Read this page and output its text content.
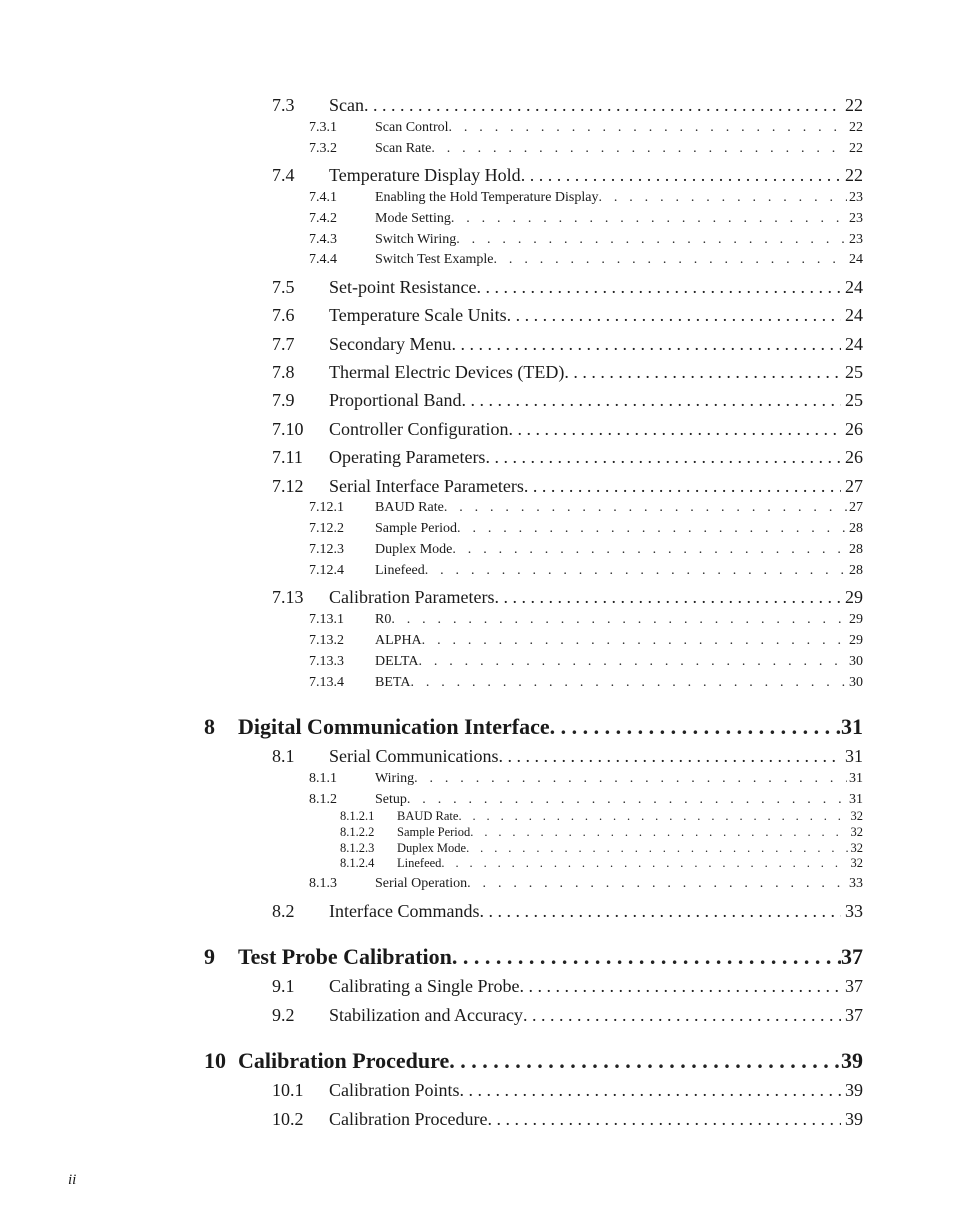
7.3	Scan . .	22
7.3.1	Scan Control . . .	22
7.3.2	Scan Rate . . .	22
7.4	Temperature Display Hold . .	22
7.4.1	Enabling the Hold Temperature Display . . .	23
7.4.2	Mode Setting . . .	23
7.4.3	Switch Wiring . . .	23
7.4.4	Switch Test Example . . .	24
7.5	Set-point Resistance . .	24
7.6	Temperature Scale Units . .	24
7.7	Secondary Menu . .	24
7.8	Thermal Electric Devices (TED) . .	25
7.9	Proportional Band . .	25
7.10	Controller Configuration . .	26
7.11	Operating Parameters . .	26
7.12	Serial Interface Parameters . .	27
7.12.1	BAUD Rate . . .	27
7.12.2	Sample Period . . .	28
7.12.3	Duplex Mode . . .	28
7.12.4	Linefeed . . .	28
7.13	Calibration Parameters . .	29
7.13.1	R0 . . .	29
7.13.2	ALPHA . . .	29
7.13.3	DELTA . . .	30
7.13.4	BETA . . .	30
8	Digital Communication Interface . .	31
8.1	Serial Communications . .	31
8.1.1	Wiring . . .	31
8.1.2	Setup . . .	31
8.1.2.1	BAUD Rate . . .	32
8.1.2.2	Sample Period . . .	32
8.1.2.3	Duplex Mode . . .	32
8.1.2.4	Linefeed . . .	32
8.1.3	Serial Operation . . .	33
8.2	Interface Commands . .	33
9	Test Probe Calibration . .	37
9.1	Calibrating a Single Probe . .	37
9.2	Stabilization and Accuracy . .	37
10 Calibration Procedure . .	39
10.1	Calibration Points . .	39
10.2	Calibration Procedure . .	39
ii
